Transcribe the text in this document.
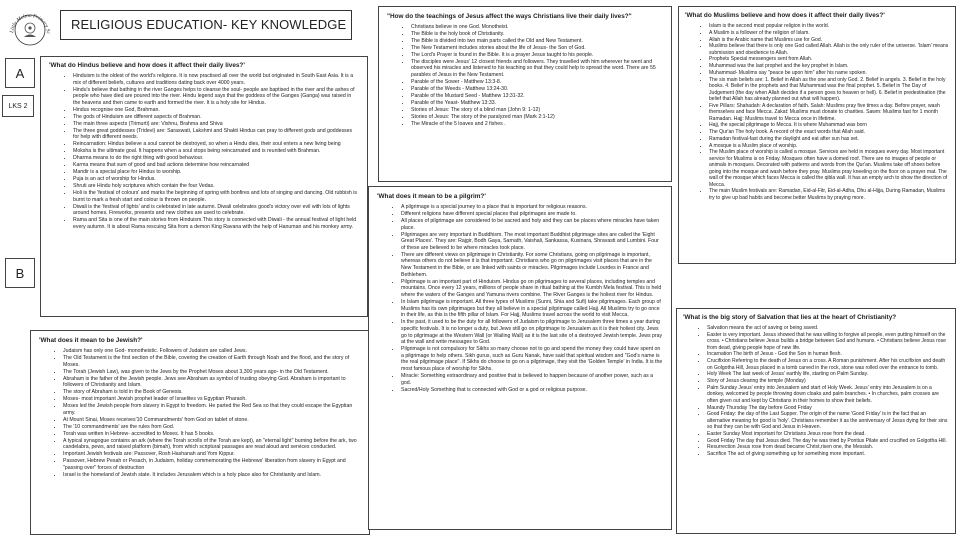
Little Melton Primary Sc
RELIGIOUS EDUCATION- KEY KNOWLEDGE
A
LKS 2
B
'What do Hindus believe and how does it affect their daily lives?'
• Hinduism is the oldest of the world's religions. It is now practised all over the world but originated in South East Asia. It is a mix of different beliefs, cultures and traditions dating back over 4000 years.
• Hindu's believe that bathing in the river Ganges helps to cleanse the soul- people are baptised in the river and the ashes of people who have died are poured into the river. Hindu legend says that the goddess of the Ganges (Ganga) was raised in the heavens and then came to earth and formed the river. It is a holy site for Hindus.
• Hindus recognise one God, Brahman.
• The gods of Hinduism are different aspects of Brahman.
• The main three aspects (Trimurti) are: Vishnu, Brahma and Shiva
• The three great goddesses (Tridevi) are: Saraswati, Lakshmi and Shakti Hindus can pray to different gods and goddesses for help with different needs.
• Reincarnation: Hindus believe a soul cannot be destroyed, so when a Hindu dies, their soul enters a new living being
• Moksha is the ultimate goal. It happens when a soul stops being reincarnated and is reunited with Brahman.
• Dharma means to do the right thing with good behaviour.
• Karma means that sum of good and bad actions determine how reincarnated
• Mandir is a special place for Hindus to worship.
• Puja is an act of worship for Hindus.
• Shruti are Hindu holy scriptures which contain the four Vedas.
• Holi is the 'festival of colours' and marks the beginning of spring with bonfires and lots of singing and dancing. Old rubbish is burnt to mark a fresh start and colour is thrown on people.
• Diwali is the 'festival of lights' and is celebrated in late autumn. Diwali celebrates good's victory over evil with lots of lights around homes. Fireworks, presents and new clothes are used to celebrate.
• Rama and Sita is one of the main stories from Hinduism.This story is connected with Diwali - the annual festival of light held every autumn. It is about Rama rescuing Sita from a demon King Ravana with the help of Hanuman and his monkey army.
'What does it mean to be Jewish?'
• Judaism has only one God- monotheistic. Followers of Judaism are called Jews.
• The Old Testament is the first section of the Bible, covering the creation of Earth through Noah and the flood, and the story of Moses.
• The Torah (Jewish Law), was given to the Jews by the Prophet Moses about 3,300 years ago- in the Old Testament.
• Abraham is the father of the Jewish people. Jews see Abraham as symbol of trusting obeying God. Abraham is important to followers of Christianity and Islam.
• The story of Abraham is told in the Book of Genesis.
• Moses- most important Jewish prophet leader of Israelites vs Egyptian Pharaoh.
• Moses led the Jewish people from slavery in Egypt to freedom. He parted the Red Sea so that they could escape the Egyptian army.
• At Mount Sinai, Moses receives'10 Commandments' from God on tablet of stone.
• The '10 commandments' are the rules from God.
• Torah was written in Hebrew- accredited to Moses. It has 5 books.
• A typical synagogue contains an ark (where the Torah scrolls of the Torah are kept), an "eternal light" burning before the ark, two candelabra, pews, and raised platform (bimah), from which scriptural passages are read aloud and services conducted.
• Important Jewish festivals are: Passover, Rosh Hashanah and Yom Kippur.
• Passover, Hebrew Pesah or Pesach, in Judaism, holiday commemorating the Hebrews' liberation from slavery in Egypt and "passing over" forces of destruction
• Israel is the homeland of Jewish state. It includes Jerusalem which is a holy place also for Christianity and Islam.
"How do the teachings of Jesus affect the ways Christians live their daily lives?"
• Christians believe in one God. Monotheist.
• The Bible is the holy book of Christianity.
• The Bible is divided into two main parts called the Old and New Testament.
• The New Testament includes stories about the life of Jesus- the Son of God.
• The Lord's Prayer is found in the Bible. It is a prayer Jesus taught to his people.
• The disciples were Jesus' 12 closest friends and followers. They travelled with him wherever he went and observed his miracles and listened to his teaching so that they could help to spread the word. There are 55 parables of Jesus in the New Testament.
• Parable of the Sower - Matthew 13:3-8.
• Parable of the Weeds - Matthew 13:24-30.
• Parable of the Mustard Seed - Matthew 13:31-32.
• Parable of the Yeast- Matthew 13:33.
• Stories of Jesus: The story of a blind man (John 9: 1-12)
• Stories of Jesus: The story of the paralyzed man (Mark 2:1-12)
• The Miracle of the 5 loaves and 2 fishes .
'What does it mean to be a pilgrim?'
• A pilgrimage is a special journey to a place that is important for religious reasons.
• Different religions have different special places that pilgrimages are made to.
• All places of pilgrimage are considered to be sacred and holy and they can be places where miracles have taken place.
• Pilgrimages are very important in Buddhism. The most important Buddhist pilgrimage sites are called the 'Eight Great Places'. They are: Rajgir, Bodh Gaya, Sarnath, Vaishali, Sankassa, Kusinara, Shravasti and Lumbini. Four of these are believed to be where miracles took place.
• There are different views on pilgrimage in Christianity. For some Christians, going on pilgrimage is important, whereas others do not believe it is that important. Christians who go on pilgrimages visit places that are in the New Testament in the Bible, or are linked with saints or miracles. Pilgrimages include Lourdes in France and Bethlehem.
• Pilgrimage is an important part of Hinduism. Hindus go on pilgrimages to several places, including temples and mountains. Once every 12 years, millions of people share in ritual bathing at the Kumbh Mela festival. This is held where the waters of the Ganges and Yamuna rivers combine. The River Ganges is the holiest river for Hindus.
• In Islam pilgrimage is important. All three types of Muslims (Sunni, Shia and Sufi) take pilgrimages. Each group of Muslims has its own pilgrimages but they all believe in a special pilgrimage called Hajj. All Muslims try to go once in their life, as this is the fifth pillar of Islam. For Hajj, Muslims travel across the world to visit Mecca.
• In the past, it used to be the duty for all followers of Judaism to pilgrimage to Jerusalem three times a year during specific festivals. It is no longer a duty, but Jews still go on pilgrimage to Jerusalem as it is their holiest city. Jews go to pilgrimage at the Western Wall (or Wailing Wall) as it is the last site of a destroyed Jewish temple. Jews pray at the wall and write messages to God.
• Pilgrimage is not compulsory for Sikhs so many choose not to go and spend the money they could have spent on a pilgrimage to help others. Sikh gurus, such as Guru Nanak, have said that spiritual wisdom and "God's name is the real pilgrimage place". If Sikhs do choose to go on a pilgrimage, they visit the 'Golden Temple' in India. It is the most famous place of worship for Sikhs.
• Miracle: Something extraordinary and positive that is believed to happen because of another power, such as a god.
• Sacred/Holy Something that is connected with God or a god or religious purpose.
'What do Muslims believe and how does it affect their daily lives?'
• Islam is the second most popular religion in the world.
• A Muslim is a follower of the religion of Islam.
• Allah is the Arabic name that Muslims use for God.
• Muslims believe that there is only one God called Allah. Allah is the only ruler of the universe. 'Islam' means submission and obedience to Allah.
• Prophets Special messengers sent from Allah.
• Muhammad was the last prophet and the key prophet in Islam.
• Muhammad- Muslims say "peace be upon him" after his name spoken.
• The six main beliefs are: 1. Belief in Allah as the one and only God. 2. Belief in angels. 3. Belief in the holy books. 4. Belief in the prophets and that Muhammad was the final prophet. 5. Belief in The Day of Judgement (the day when Allah decides if a person goes to heaven or hell). 6. Belief in predestination (the belief that Allah has already planned out what will happen).
• Five Pillars: Shahadah: A declaration of faith. Salah: Muslims pray five times a day. Before prayer, wash themselves and face Mecca. Zakat: Muslims must donate to charities. Sawm: Muslims fast for 1 month Ramadan. Hajj: Muslims travel to Mecca once in lifetime.
• Hajj, the special pilgrimage to Mecca. It is where Muhammad was born
• The Qur'an The holy book. A record of the exact words that Allah said.
• Ramadan festival-fast during the daylight and eat after sun has set.
• A mosque is a Muslim place of worship.
• The Muslim place of worship is called a mosque. Services are held in mosques every day. Most important service for Muslims is on Friday. Mosques often have a domed roof. There are no images of people or animals in mosques. Decorated with patterns and words from the Qur'an. Muslims take off shoes before going into the mosque and wash before they pray. Muslims pray kneeling on the floor on a prayer mat. The wall of the mosque which faces Mecca is called the qibla wall. It has an empty arch to show the direction of Mecca.
• The main Muslim festivals are: Ramadan, Eid-al-Fitr, Eid-al-Adha, Dhu al-Hijja, During Ramadan, Muslims try to give up bad habits and become better Muslims by praying more.
'What is the big story of Salvation that lies at the heart of Christianity?
• Salvation means the act of saving or being saved.
• Easter is very important. Jesus showed that he was willing to forgive all people, even putting himself on the cross. • Christians believe Jesus builds a bridge between God and humans. • Christians believe Jesus rose from dead, giving people hope of new life.
• Incarnation The birth of Jesus - God the Son in human flesh.
• Crucifixion Referring to the death of Jesus on a cross. A Roman punishment. After his crucifixion and death on Golgotha Hill, Jesus placed in a tomb carved in the rock, stone was rolled over the entrance to tomb.
• Holy Week The last week of Jesus' earthly life, starting on Palm Sunday.
• Story of Jesus clearing the temple (Monday)
• Palm Sunday Jesus' entry into Jerusalem and start of Holy Week. Jesus' entry into Jerusalem is on a donkey, welcomed by people throwing down cloaks and palm branches. • In churches, palm crosses are often given out and kept by Christians in their homes to show their beliefs.
• Maundy Thursday The day before Good Friday
• Good Friday: the day of the Last Supper. The origin of the name 'Good Friday' is in the fact that an alternative meaning for good is 'holy'. Christians remember it as the anniversary of Jesus dying for their sins so that they can be with God and Jesus in Heaven.
• Easter Sunday Most important for Christians Jesus rose from the dead.
• Good Friday The day that Jesus died. The day he was tried by Pontius Pilate and crucified on Golgotha Hill.
• Resurrection Jesus rose from dead became Christ,risen one, the Messiah.
• Sacrifice The act of giving something up for something more important.
